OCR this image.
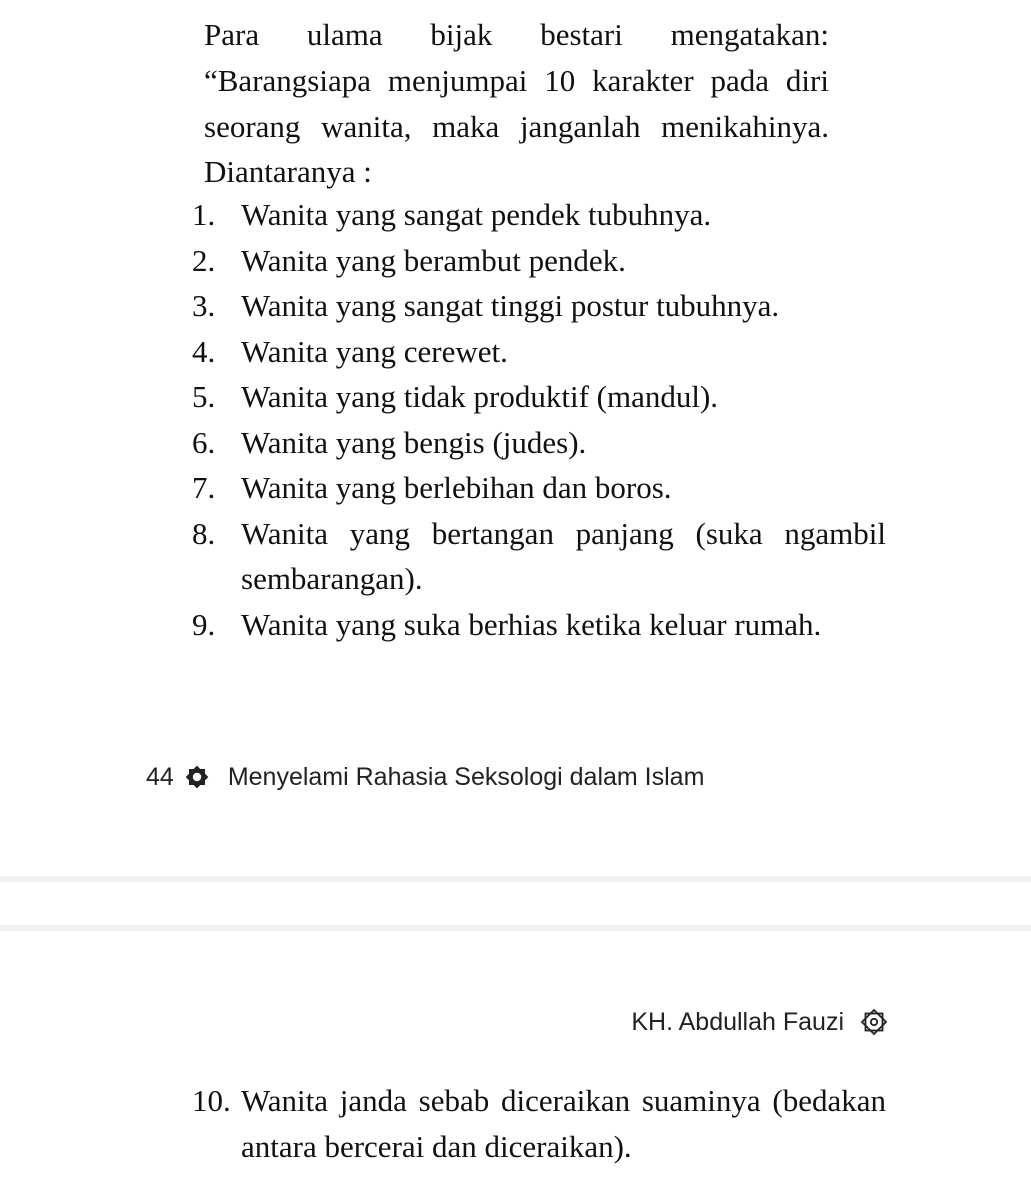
Para ulama bijak bestari mengatakan: “Barangsiapa menjumpai 10 karakter pada diri seorang wanita, maka janganlah menikahinya. Diantaranya :

1. Wanita yang sangat pendek tubuhnya.
2. Wanita yang berambut pendek.
3. Wanita yang sangat tinggi postur tubuhnya.
4. Wanita yang cerewet.
5. Wanita yang tidak produktif (mandul).
6. Wanita yang bengis (judes).
7. Wanita yang berlebihan dan boros.
8. Wanita yang bertangan panjang (suka ngambil sembarangan).
9. Wanita yang suka berhias ketika keluar rumah.
44 Menyelami Rahasia Seksologi dalam Islam
KH. Abdullah Fauzi
10. Wanita janda sebab diceraikan suaminya (bedakan antara bercerai dan diceraikan).
